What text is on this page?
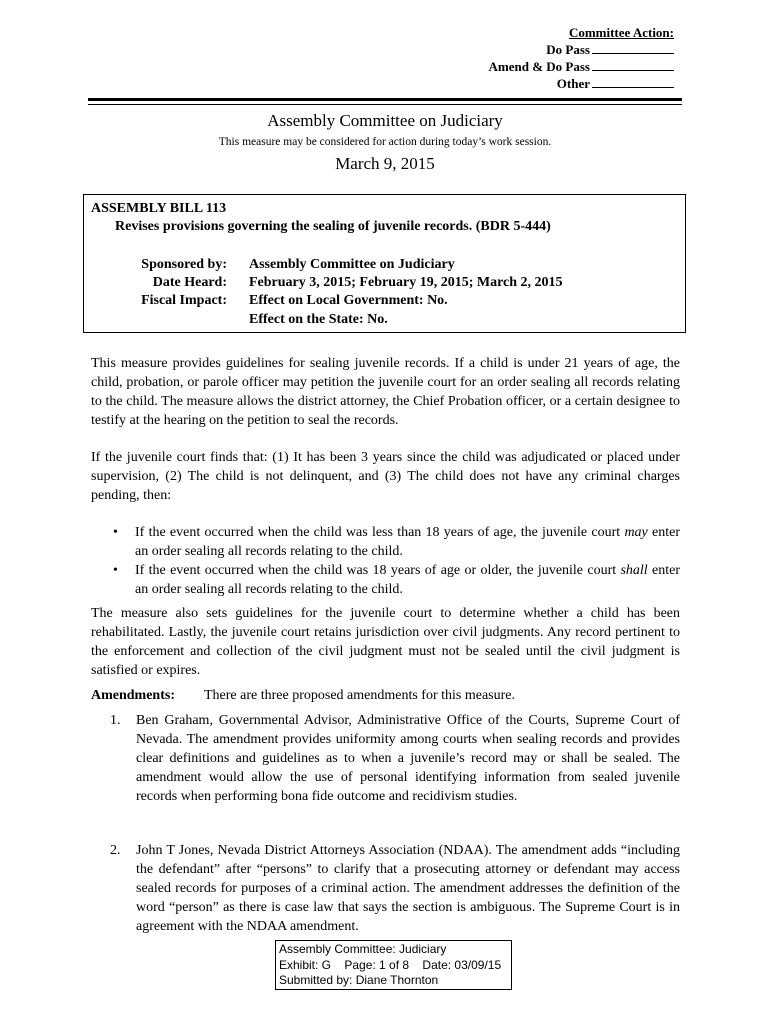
Committee Action:
Do Pass
Amend & Do Pass
Other
Assembly Committee on Judiciary
This measure may be considered for action during today’s work session.
March 9, 2015
ASSEMBLY BILL 113
Revises provisions governing the sealing of juvenile records. (BDR 5-444)
Sponsored by: Assembly Committee on Judiciary
Date Heard: February 3, 2015; February 19, 2015; March 2, 2015
Fiscal Impact: Effect on Local Government: No.
Effect on the State: No.
This measure provides guidelines for sealing juvenile records. If a child is under 21 years of age, the child, probation, or parole officer may petition the juvenile court for an order sealing all records relating to the child. The measure allows the district attorney, the Chief Probation officer, or a certain designee to testify at the hearing on the petition to seal the records.
If the juvenile court finds that: (1) It has been 3 years since the child was adjudicated or placed under supervision, (2) The child is not delinquent, and (3) The child does not have any criminal charges pending, then:
• If the event occurred when the child was less than 18 years of age, the juvenile court may enter an order sealing all records relating to the child.
• If the event occurred when the child was 18 years of age or older, the juvenile court shall enter an order sealing all records relating to the child.
The measure also sets guidelines for the juvenile court to determine whether a child has been rehabilitated. Lastly, the juvenile court retains jurisdiction over civil judgments. Any record pertinent to the enforcement and collection of the civil judgment must not be sealed until the civil judgment is satisfied or expires.
Amendments: There are three proposed amendments for this measure.
1. Ben Graham, Governmental Advisor, Administrative Office of the Courts, Supreme Court of Nevada. The amendment provides uniformity among courts when sealing records and provides clear definitions and guidelines as to when a juvenile’s record may or shall be sealed. The amendment would allow the use of personal identifying information from sealed juvenile records when performing bona fide outcome and recidivism studies.
2. John T Jones, Nevada District Attorneys Association (NDAA). The amendment adds “including the defendant” after “persons” to clarify that a prosecuting attorney or defendant may access sealed records for purposes of a criminal action. The amendment addresses the definition of the word “person” as there is case law that says the section is ambiguous. The Supreme Court is in agreement with the NDAA amendment.
Assembly Committee: Judiciary
Exhibit: G    Page: 1 of 8    Date: 03/09/15
Submitted by: Diane Thornton
